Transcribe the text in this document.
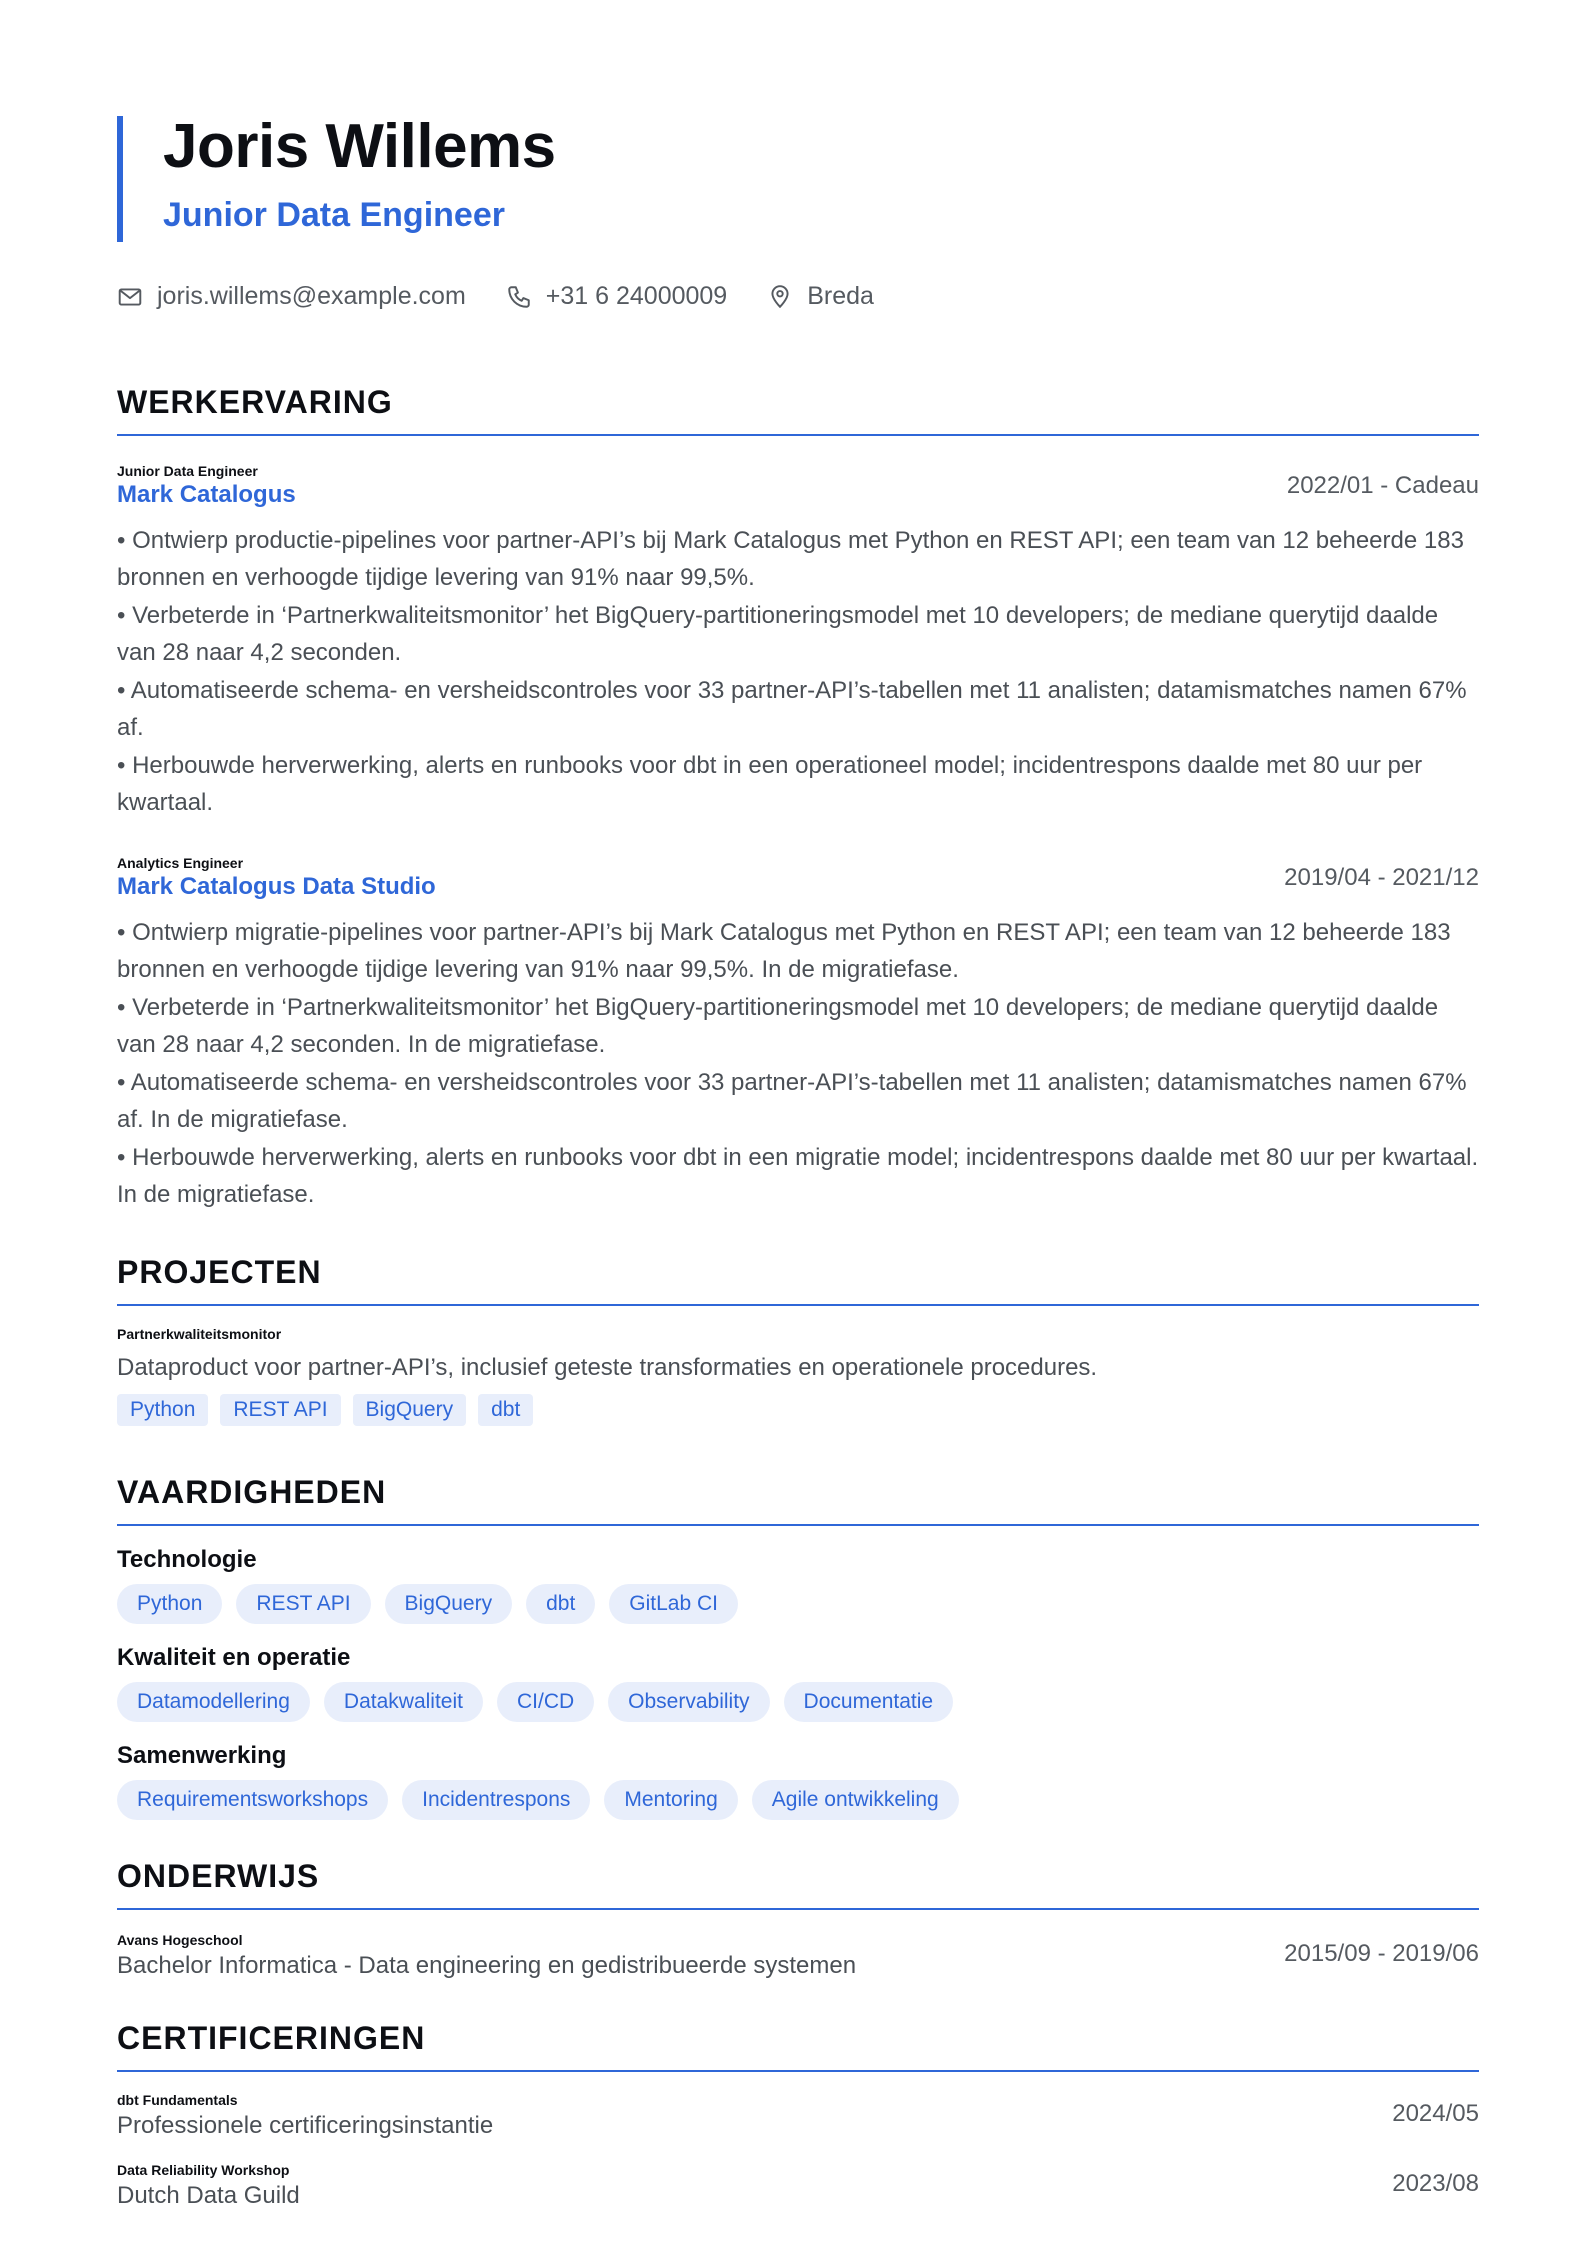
Joris Willems
Junior Data Engineer
joris.willems@example.com	+31 6 24000009	Breda
WERKERVARING
Junior Data Engineer
Mark Catalogus	2022/01 - Cadeau
• Ontwierp productie-pipelines voor partner-API’s bij Mark Catalogus met Python en REST API; een team van 12 beheerde 183 bronnen en verhoogde tijdige levering van 91% naar 99,5%.
• Verbeterde in ‘Partnerkwaliteitsmonitor’ het BigQuery-partitioneringsmodel met 10 developers; de mediane querytijd daalde van 28 naar 4,2 seconden.
• Automatiseerde schema- en versheidscontroles voor 33 partner-API’s-tabellen met 11 analisten; datamismatches namen 67% af.
• Herbouwde herverwerking, alerts en runbooks voor dbt in een operationeel model; incidentrespons daalde met 80 uur per kwartaal.
Analytics Engineer
Mark Catalogus Data Studio	2019/04 - 2021/12
• Ontwierp migratie-pipelines voor partner-API’s bij Mark Catalogus met Python en REST API; een team van 12 beheerde 183 bronnen en verhoogde tijdige levering van 91% naar 99,5%. In de migratiefase.
• Verbeterde in ‘Partnerkwaliteitsmonitor’ het BigQuery-partitioneringsmodel met 10 developers; de mediane querytijd daalde van 28 naar 4,2 seconden. In de migratiefase.
• Automatiseerde schema- en versheidscontroles voor 33 partner-API’s-tabellen met 11 analisten; datamismatches namen 67% af. In de migratiefase.
• Herbouwde herverwerking, alerts en runbooks voor dbt in een migratie model; incidentrespons daalde met 80 uur per kwartaal. In de migratiefase.
PROJECTEN
Partnerkwaliteitsmonitor
Dataproduct voor partner-API’s, inclusief geteste transformaties en operationele procedures.
Python	REST API	BigQuery	dbt
VAARDIGHEDEN
Technologie
Python	REST API	BigQuery	dbt	GitLab CI
Kwaliteit en operatie
Datamodellering	Datakwaliteit	CI/CD	Observability	Documentatie
Samenwerking
Requirementsworkshops	Incidentrespons	Mentoring	Agile ontwikkeling
ONDERWIJS
Avans Hogeschool
Bachelor Informatica - Data engineering en gedistribueerde systemen	2015/09 - 2019/06
CERTIFICERINGEN
dbt Fundamentals
Professionele certificeringsinstantie	2024/05
Data Reliability Workshop
Dutch Data Guild	2023/08
